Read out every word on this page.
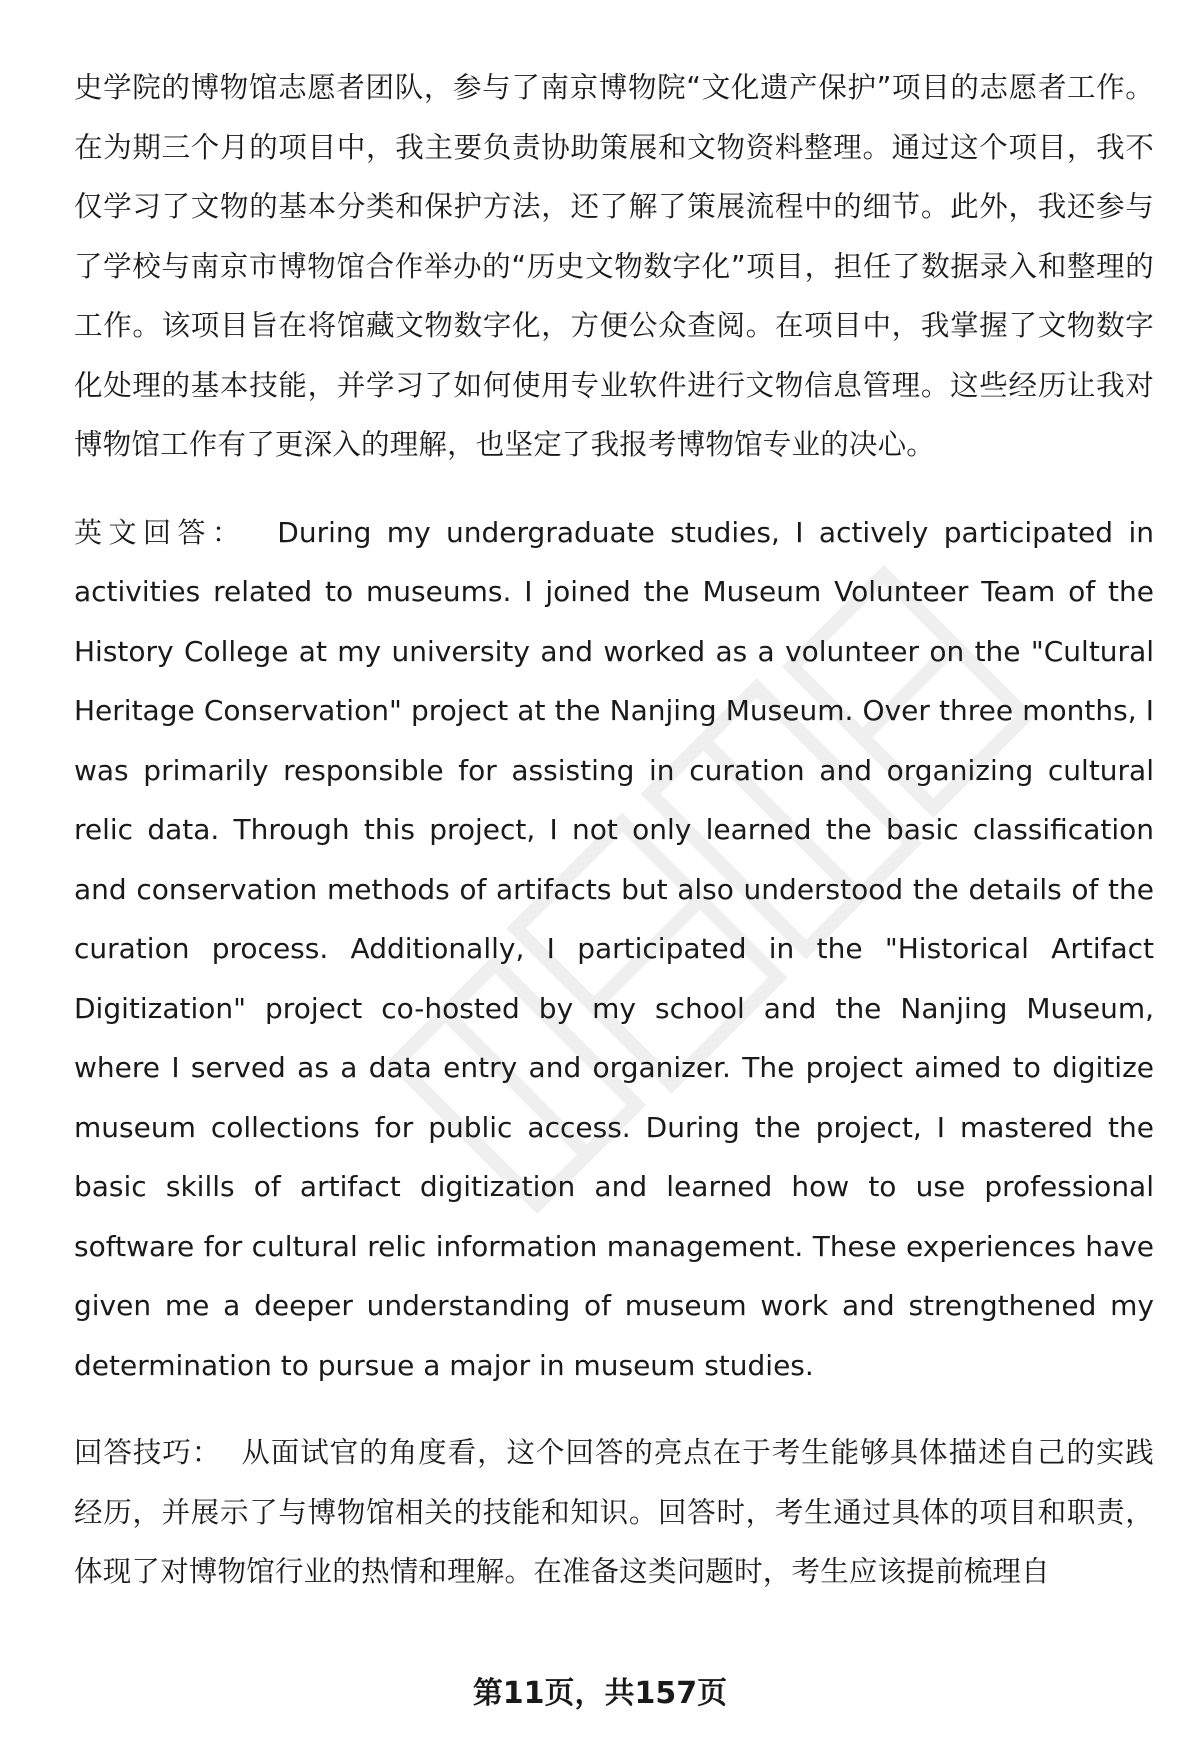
史学院的博物馆志愿者团队，参与了南京博物院“文化遗产保护”项目的志愿者工作。在为期三个月的项目中，我主要负责协助策展和文物资料整理。通过这个项目，我不仅学习了文物的基本分类和保护方法，还了解了策展流程中的细节。此外，我还参与了学校与南京市博物馆合作举办的“历史文物数字化”项目，担任了数据录入和整理的工作。该项目旨在将馆藏文物数字化，方便公众查阅。在项目中，我掌握了文物数字化处理的基本技能，并学习了如何使用专业软件进行文物信息管理。这些经历让我对博物馆工作有了更深入的理解，也坚定了我报考博物馆专业的决心。

英文回答： During my undergraduate studies, I actively participated in activities related to museums. I joined the Museum Volunteer Team of the History College at my university and worked as a volunteer on the "Cultural Heritage Conservation" project at the Nanjing Museum. Over three months, I was primarily responsible for assisting in curation and organizing cultural relic data. Through this project, I not only learned the basic classification and conservation methods of artifacts but also understood the details of the curation process. Additionally, I participated in the "Historical Artifact Digitization" project co-hosted by my school and the Nanjing Museum, where I served as a data entry and organizer. The project aimed to digitize museum collections for public access. During the project, I mastered the basic skills of artifact digitization and learned how to use professional software for cultural relic information management. These experiences have given me a deeper understanding of museum work and strengthened my determination to pursue a major in museum studies.

回答技巧： 从面试官的角度看，这个回答的亮点在于考生能够具体描述自己的实践经历，并展示了与博物馆相关的技能和知识。回答时，考生通过具体的项目和职责，体现了对博物馆行业的热情和理解。在准备这类问题时，考生应该提前梳理自

第11页，共157页
